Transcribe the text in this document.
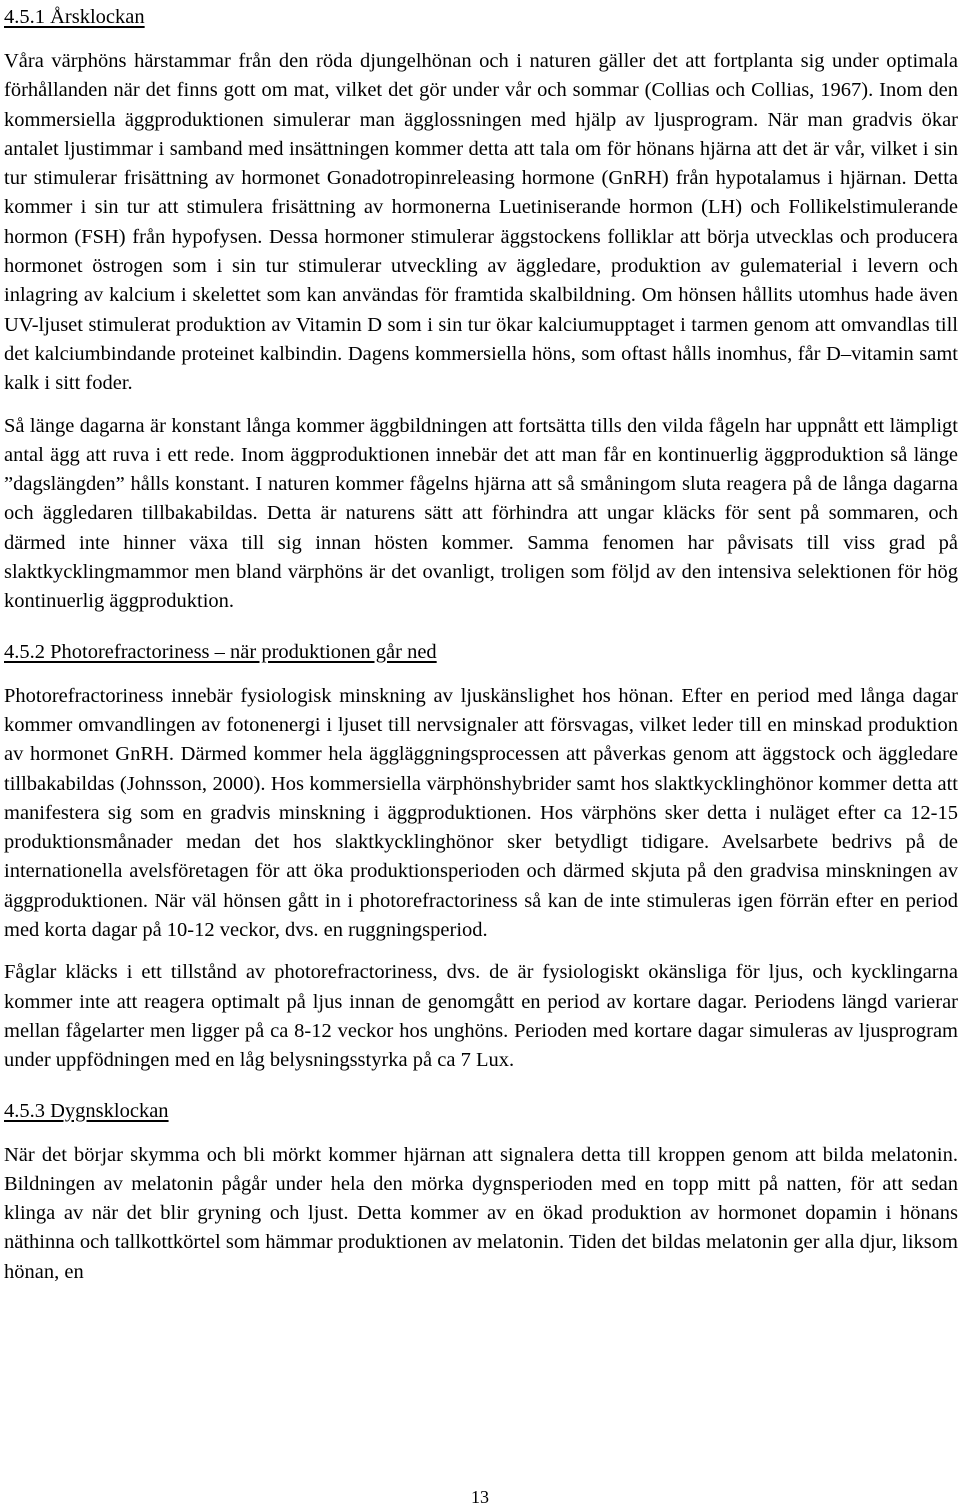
4.5.1 Årsklockan

Våra värphöns härstammar från den röda djungelhönan och i naturen gäller det att fortplanta sig under optimala förhållanden när det finns gott om mat, vilket det gör under vår och sommar (Collias och Collias, 1967). Inom den kommersiella äggproduktionen simulerar man ägglossningen med hjälp av ljusprogram. När man gradvis ökar antalet ljustimmar i samband med insättningen kommer detta att tala om för hönans hjärna att det är vår, vilket i sin tur stimulerar frisättning av hormonet Gonadotropinreleasing hormone (GnRH) från hypotalamus i hjärnan. Detta kommer i sin tur att stimulera frisättning av hormonerna Luetiniserande hormon (LH) och Follikelstimulerande hormon (FSH) från hypofysen. Dessa hormoner stimulerar äggstockens folliklar att börja utvecklas och producera hormonet östrogen som i sin tur stimulerar utveckling av äggledare, produktion av gulematerial i levern och inlagring av kalcium i skelettet som kan användas för framtida skalbildning. Om hönsen hållits utomhus hade även UV-ljuset stimulerat produktion av Vitamin D som i sin tur ökar kalciumupptaget i tarmen genom att omvandlas till det kalciumbindande proteinet kalbindin. Dagens kommersiella höns, som oftast hålls inomhus, får D–vitamin samt kalk i sitt foder.

Så länge dagarna är konstant långa kommer äggbildningen att fortsätta tills den vilda fågeln har uppnått ett lämpligt antal ägg att ruva i ett rede. Inom äggproduktionen innebär det att man får en kontinuerlig äggproduktion så länge ”dagslängden” hålls konstant. I naturen kommer fågelns hjärna att så småningom sluta reagera på de långa dagarna och äggledaren tillbakabildas. Detta är naturens sätt att förhindra att ungar kläcks för sent på sommaren, och därmed inte hinner växa till sig innan hösten kommer. Samma fenomen har påvisats till viss grad på slaktkycklingmammor men bland värphöns är det ovanligt, troligen som följd av den intensiva selektionen för hög kontinuerlig äggproduktion.

4.5.2 Photorefractoriness – när produktionen går ned

Photorefractoriness innebär fysiologisk minskning av ljuskänslighet hos hönan. Efter en period med långa dagar kommer omvandlingen av fotonenergi i ljuset till nervsignaler att försvagas, vilket leder till en minskad produktion av hormonet GnRH. Därmed kommer hela äggläggningsprocessen att påverkas genom att äggstock och äggledare tillbakabildas (Johnsson, 2000). Hos kommersiella värphönshybrider samt hos slaktkycklinghönor kommer detta att manifestera sig som en gradvis minskning i äggproduktionen. Hos värphöns sker detta i nuläget efter ca 12-15 produktionsmånader medan det hos slaktkycklinghönor sker betydligt tidigare. Avelsarbete bedrivs på de internationella avelsföretagen för att öka produktionsperioden och därmed skjuta på den gradvisa minskningen av äggproduktionen. När väl hönsen gått in i photorefractoriness så kan de inte stimuleras igen förrän efter en period med korta dagar på 10-12 veckor, dvs. en ruggningsperiod.

Fåglar kläcks i ett tillstånd av photorefractoriness, dvs. de är fysiologiskt okänsliga för ljus, och kycklingarna kommer inte att reagera optimalt på ljus innan de genomgått en period av kortare dagar. Periodens längd varierar mellan fågelarter men ligger på ca 8-12 veckor hos unghöns. Perioden med kortare dagar simuleras av ljusprogram under uppfödningen med en låg belysningsstyrka på ca 7 Lux.

4.5.3 Dygnsklockan

När det börjar skymma och bli mörkt kommer hjärnan att signalera detta till kroppen genom att bilda melatonin. Bildningen av melatonin pågår under hela den mörka dygnsperioden med en topp mitt på natten, för att sedan klinga av när det blir gryning och ljust. Detta kommer av en ökad produktion av hormonet dopamin i hönans näthinna och tallkottkörtel som hämmar produktionen av melatonin. Tiden det bildas melatonin ger alla djur, liksom hönan, en

13
